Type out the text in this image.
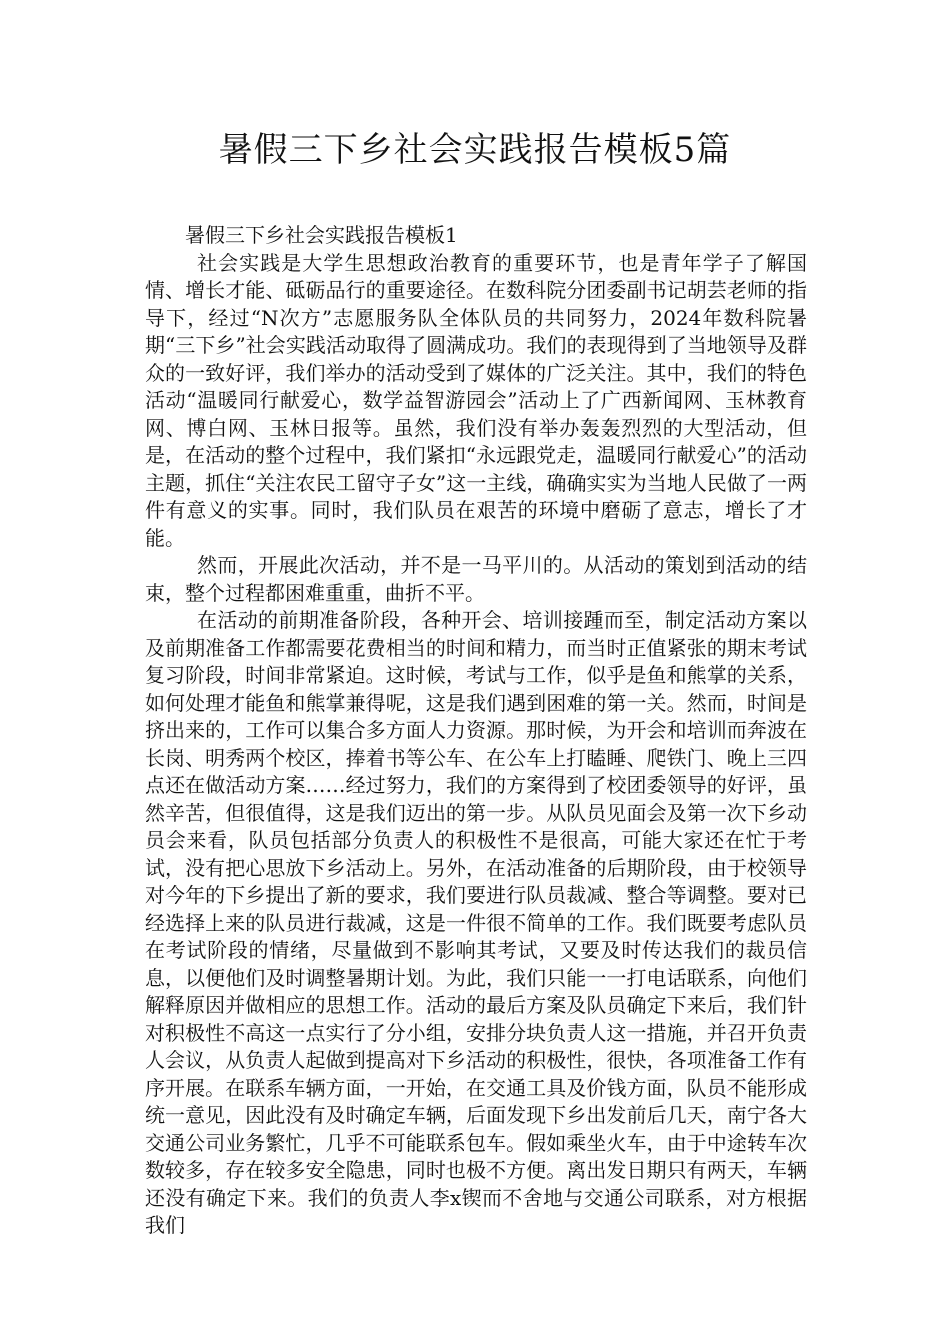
暑假三下乡社会实践报告模板5篇

暑假三下乡社会实践报告模板1

社会实践是大学生思想政治教育的重要环节，也是青年学子了解国情、增长才能、砥砺品行的重要途径。在数科院分团委副书记胡芸老师的指导下，经过“N次方”志愿服务队全体队员的共同努力，2024年数科院暑期“三下乡”社会实践活动取得了圆满成功。我们的表现得到了当地领导及群众的一致好评，我们举办的活动受到了媒体的广泛关注。其中，我们的特色活动“温暖同行献爱心，数学益智游园会”活动上了广西新闻网、玉林教育网、博白网、玉林日报等。虽然，我们没有举办轰轰烈烈的大型活动，但是，在活动的整个过程中，我们紧扣“永远跟党走，温暖同行献爱心”的活动主题，抓住“关注农民工留守子女”这一主线，确确实实为当地人民做了一两件有意义的实事。同时，我们队员在艰苦的环境中磨砺了意志，增长了才能。

然而，开展此次活动，并不是一马平川的。从活动的策划到活动的结束，整个过程都困难重重，曲折不平。

在活动的前期准备阶段，各种开会、培训接踵而至，制定活动方案以及前期准备工作都需要花费相当的时间和精力，而当时正值紧张的期末考试复习阶段，时间非常紧迫。这时候，考试与工作，似乎是鱼和熊掌的关系，如何处理才能鱼和熊掌兼得呢，这是我们遇到困难的第一关。然而，时间是挤出来的，工作可以集合多方面人力资源。那时候，为开会和培训而奔波在长岗、明秀两个校区，捧着书等公车、在公车上打瞌睡、爬铁门、晚上三四点还在做活动方案……经过努力，我们的方案得到了校团委领导的好评，虽然辛苦，但很值得，这是我们迈出的第一步。从队员见面会及第一次下乡动员会来看，队员包括部分负责人的积极性不是很高，可能大家还在忙于考试，没有把心思放下乡活动上。另外，在活动准备的后期阶段，由于校领导对今年的下乡提出了新的要求，我们要进行队员裁减、整合等调整。要对已经选择上来的队员进行裁减，这是一件很不简单的工作。我们既要考虑队员在考试阶段的情绪，尽量做到不影响其考试，又要及时传达我们的裁员信息，以便他们及时调整暑期计划。为此，我们只能一一打电话联系，向他们解释原因并做相应的思想工作。活动的最后方案及队员确定下来后，我们针对积极性不高这一点实行了分小组，安排分块负责人这一措施，并召开负责人会议，从负责人起做到提高对下乡活动的积极性，很快，各项准备工作有序开展。在联系车辆方面，一开始，在交通工具及价钱方面，队员不能形成统一意见，因此没有及时确定车辆，后面发现下乡出发前后几天，南宁各大交通公司业务繁忙，几乎不可能联系包车。假如乘坐火车，由于中途转车次数较多，存在较多安全隐患，同时也极不方便。离出发日期只有两天，车辆还没有确定下来。我们的负责人李x锲而不舍地与交通公司联系，对方根据我们
